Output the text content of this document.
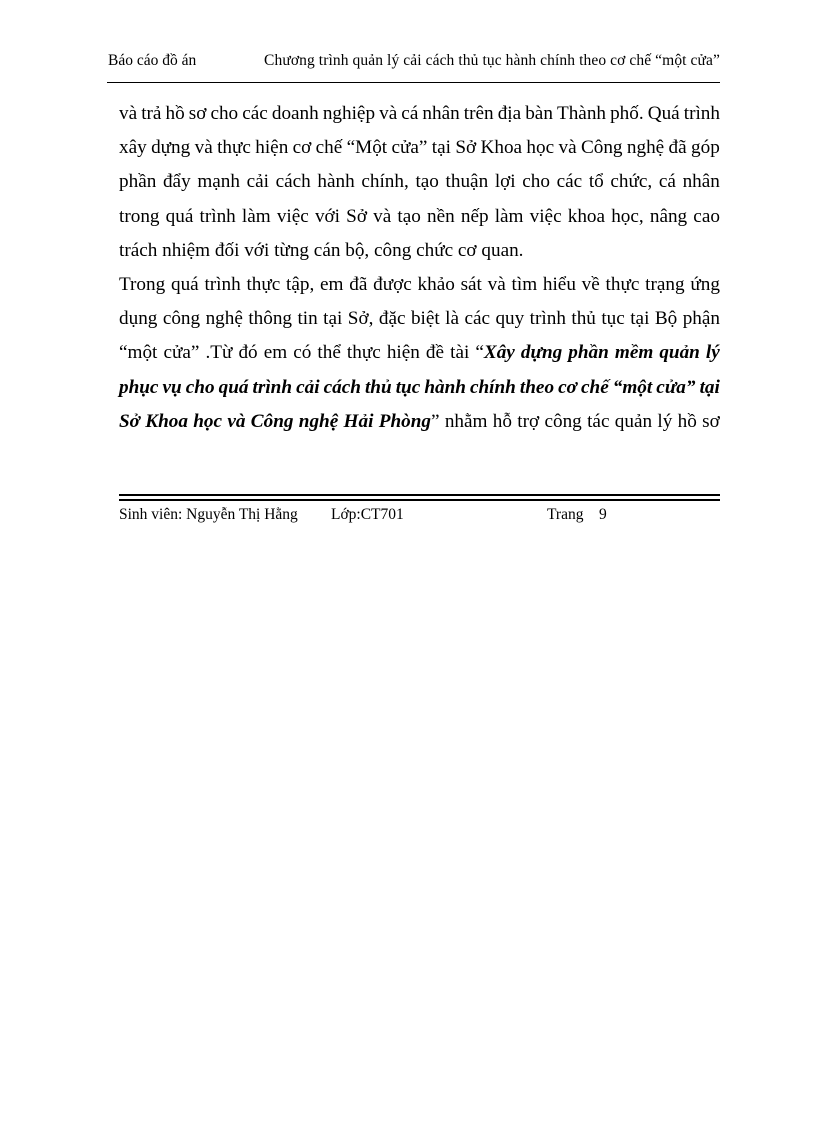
Báo cáo đồ án	Chương trình quản lý cải cách thủ tục hành chính theo cơ chế “một cửa”
và trả hồ sơ cho các doanh nghiệp và cá nhân trên địa bàn Thành phố. Quá trình
xây dựng và thực hiện cơ chế “Một cửa” tại Sở Khoa học và Công nghệ đã góp
phần đẩy mạnh cải cách hành chính, tạo thuận lợi cho các tổ chức, cá nhân
trong quá trình làm việc với Sở và tạo nền nếp làm việc khoa học, nâng cao
trách nhiệm đối với từng cán bộ, công chức cơ quan.
Trong quá trình thực tập, em đã được khảo sát và tìm hiểu về thực trạng ứng
dụng công nghệ thông tin tại Sở, đặc biệt là các quy trình thủ tục tại Bộ phận
“một cửa” .Từ đó em có thể thực hiện đề tài “Xây dựng phần mềm quản lý
phục vụ cho quá trình cải cách thủ tục hành chính theo cơ chế “một cửa” tại
Sở Khoa học và Công nghệ Hải Phòng” nhằm hỗ trợ công tác quản lý hồ sơ
Sinh viên: Nguyễn Thị Hằng Lớp:CT701	Trang 9
